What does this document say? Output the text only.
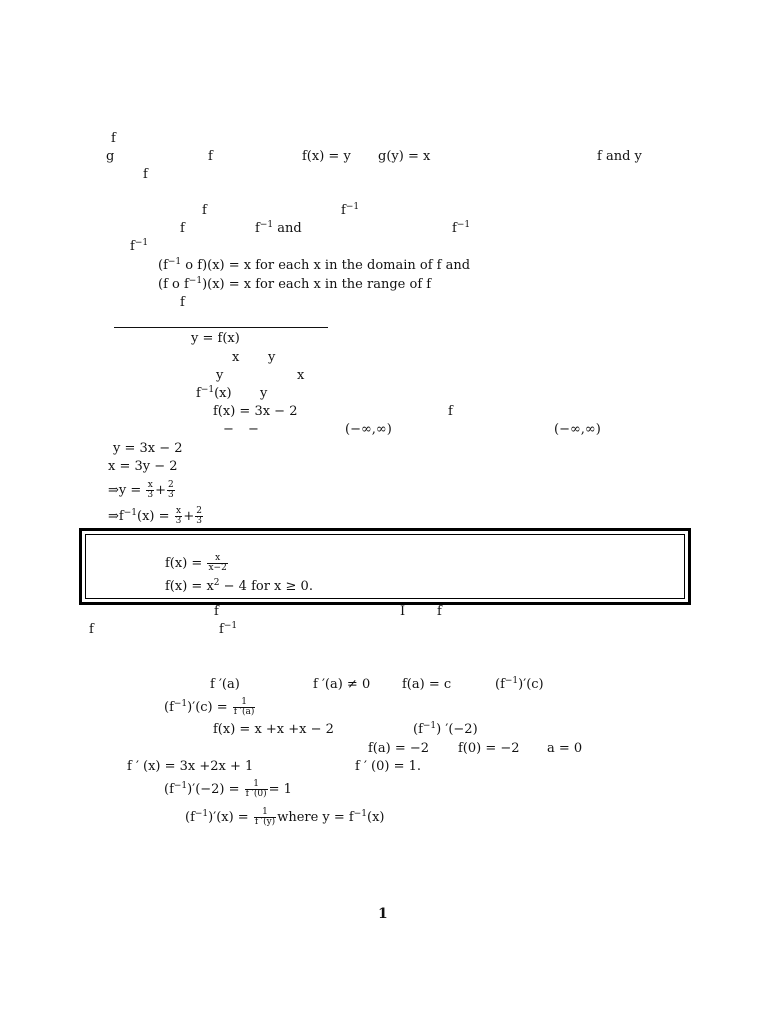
f
g	f	f(x) = y g(y) = x	f and y
f
f	$f^{-1}$
f	$f^{-1}$ and	$f^{-1}$
$f^{-1}$
($f^{-1}$ o f)(x) = x for each x in the domain of f and
(f o $f^{-1})(x) = x$ for each x in the range of f
f
y = f(x)
x y
y	x
$f^{-1}(x)$ y
f(x) = 3x − 2	f
− −	(−∞,∞)	(−∞,∞)
y = 3x − 2
x = 3y − 2
⇒y = $\frac{x}{3} + \frac{2}{3}$
$\Rightarrow f^{-1}(x) = \frac{x}{3} + \frac{2}{3}$
$f(x) = \frac{x}{x-2}$
$f(x) = x^2 - 4$ for x ≥ 0.
f	I f
f	$f^{-1}$
f ′(a)	f ′(a) ≠ 0 f(a) = c	$(f^{-1})'(c)$
$(f^{-1})'(c) = \frac{1}{f '(a)}$
f(x) = x +x +x − 2	$(f^{-1})$ ′(−2)
f(a) = −2 f(0) = −2 a = 0
f ′ (x) = 3x +2x + 1	f ′ (0) = 1.
$(f^{-1})'(-2) = \frac{1}{f '(0)} = 1$
$(f^{-1})'(x) = \frac{1}{f '(y)}$ where $y = f^{-1}(x)$
1
